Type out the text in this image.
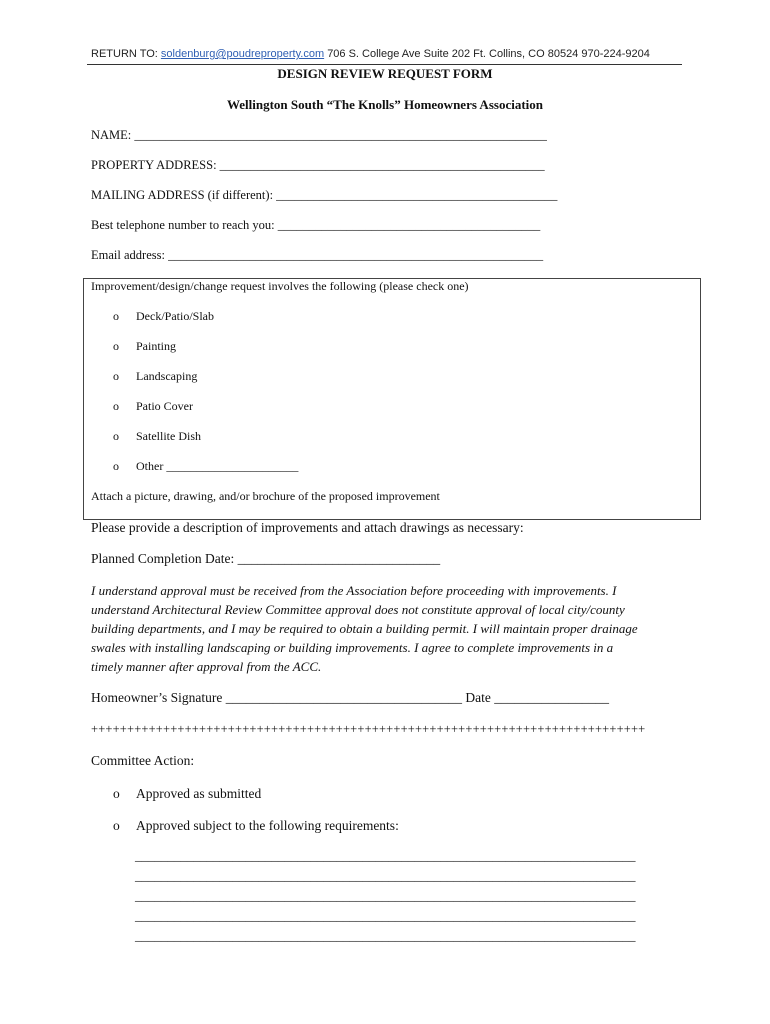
RETURN TO: soldenburg@poudreproperty.com 706 S. College Ave Suite 202 Ft. Collins, CO 80524 970-224-9204
DESIGN REVIEW REQUEST FORM
Wellington South “The Knolls” Homeowners Association
NAME: __________________________________________________________________
PROPERTY ADDRESS: ____________________________________________________
MAILING ADDRESS (if different): _____________________________________________
Best telephone number to reach you: __________________________________________
Email address: ____________________________________________________________
Improvement/design/change request involves the following (please check one)
o Deck/Patio/Slab
o Painting
o Landscaping
o Patio Cover
o Satellite Dish
o Other ______________________
Attach a picture, drawing, and/or brochure of the proposed improvement
Please provide a description of improvements and attach drawings as necessary:
Planned Completion Date: ______________________________
I understand approval must be received from the Association before proceeding with improvements. I
understand Architectural Review Committee approval does not constitute approval of local city/county
building departments, and I may be required to obtain a building permit. I will maintain proper drainage
swales with installing landscaping or building improvements. I agree to complete improvements in a
timely manner after approval from the ACC.
Homeowner’s Signature ___________________________________ Date _________________
+++++++++++++++++++++++++++++++++++++++++++++++++++++++++++++++++++++++++++++
Committee Action:
o Approved as submitted
o Approved subject to the following requirements:
_____________________________________________________________________________
_____________________________________________________________________________
_____________________________________________________________________________
_____________________________________________________________________________
_____________________________________________________________________________
